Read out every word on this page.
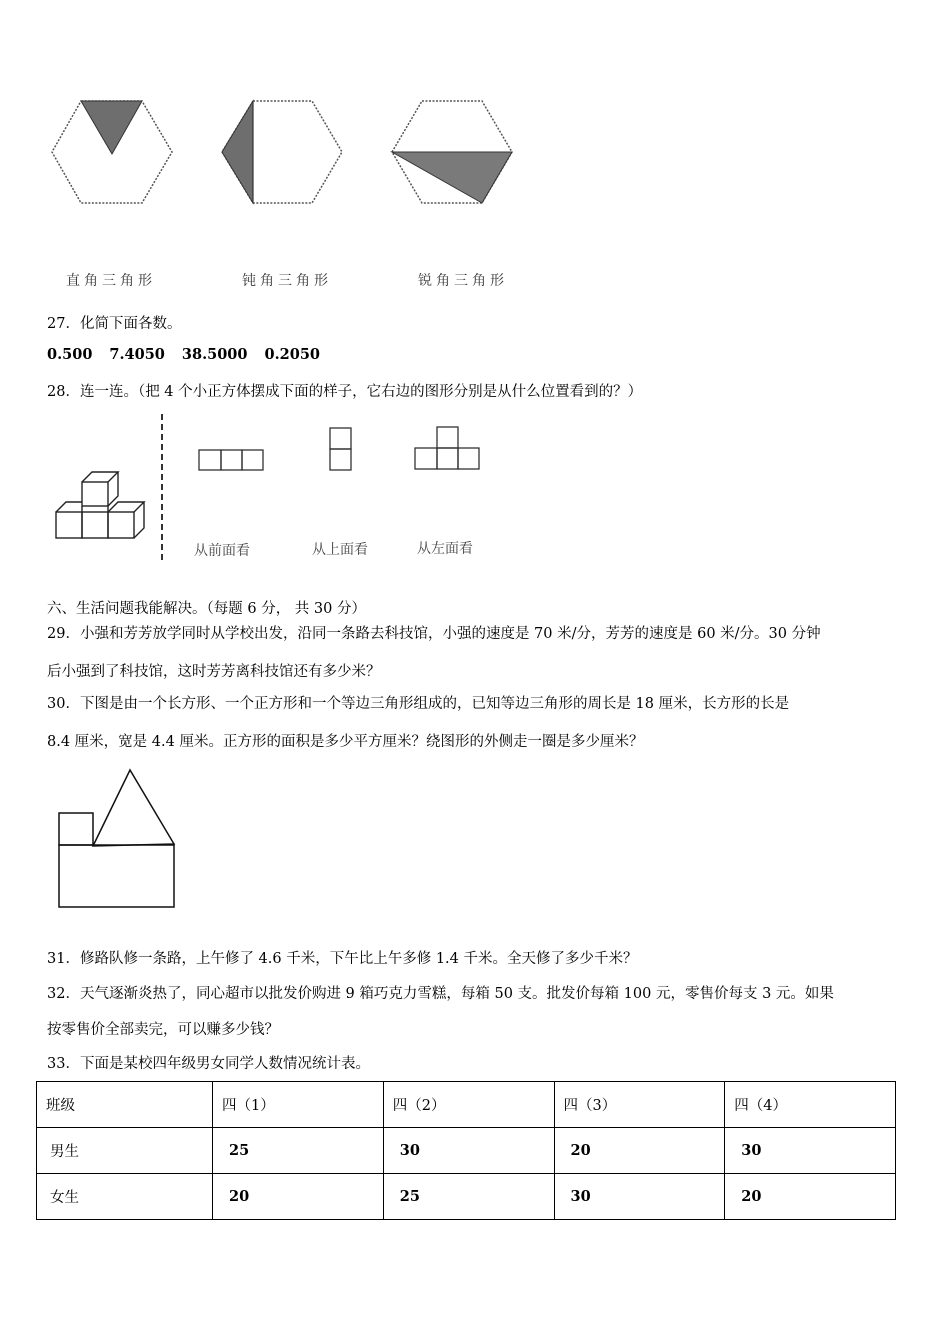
直角三角形	钝角三角形	锐角三角形
27．化简下面各数。
0.500 7.4050 38.5000 0.2050
28．连一连。（把 4 个小正方体摆成下面的样子，它右边的图形分别是从什么位置看到的？）
从前面看	从上面看	从左面看
六、生活问题我能解决。（每题 6 分， 共 30 分）
29．小强和芳芳放学同时从学校出发，沿同一条路去科技馆，小强的速度是 70 米/分，芳芳的速度是 60 米/分。30 分钟
后小强到了科技馆，这时芳芳离科技馆还有多少米？
30．下图是由一个长方形、一个正方形和一个等边三角形组成的，已知等边三角形的周长是 18 厘米，长方形的长是
8.4 厘米，宽是 4.4 厘米。正方形的面积是多少平方厘米？绕图形的外侧走一圈是多少厘米？
31．修路队修一条路，上午修了 4.6 千米，下午比上午多修 1.4 千米。全天修了多少千米？
32．天气逐渐炎热了，同心超市以批发价购进 9 箱巧克力雪糕，每箱 50 支。批发价每箱 100 元，零售价每支 3 元。如果
按零售价全部卖完，可以赚多少钱？
33．下面是某校四年级男女同学人数情况统计表。
班级	四（1）	四（2）	四（3）	四（4）
男生	25	30	20	30
女生	20	25	30	20
